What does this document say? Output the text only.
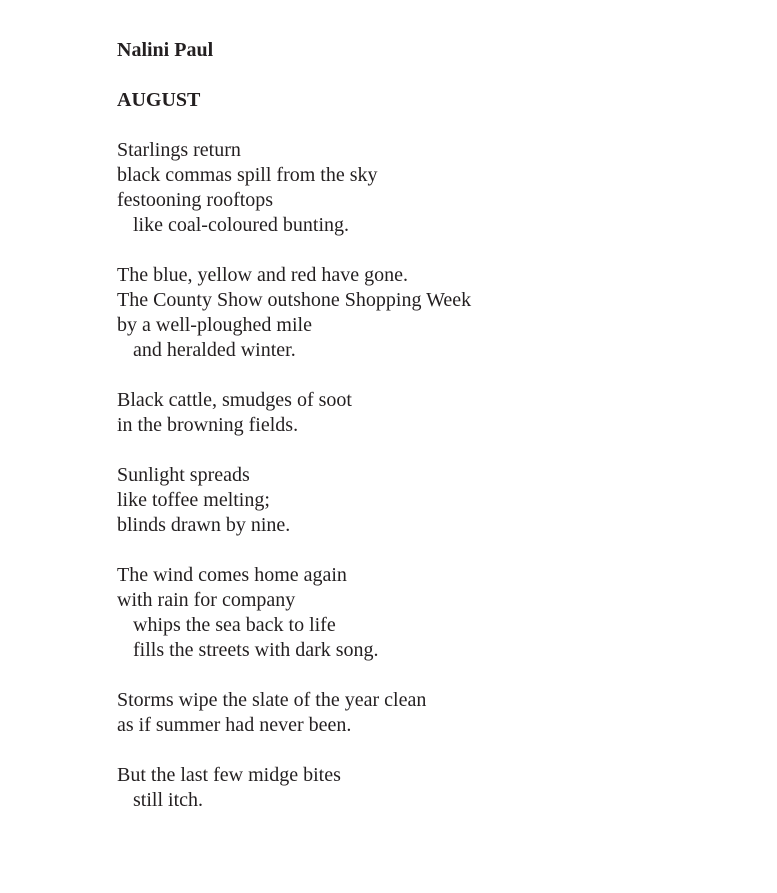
Nalini Paul

AUGUST

Starlings return
black commas spill from the sky
festooning rooftops
like coal-coloured bunting.
The blue, yellow and red have gone.
The County Show outshone Shopping Week
by a well-ploughed mile
and heralded winter.
Black cattle, smudges of soot
in the browning fields.
Sunlight spreads
like toffee melting;
blinds drawn by nine.
The wind comes home again
with rain for company
whips the sea back to life
fills the streets with dark song.
Storms wipe the slate of the year clean
as if summer had never been.
But the last few midge bites
still itch.
